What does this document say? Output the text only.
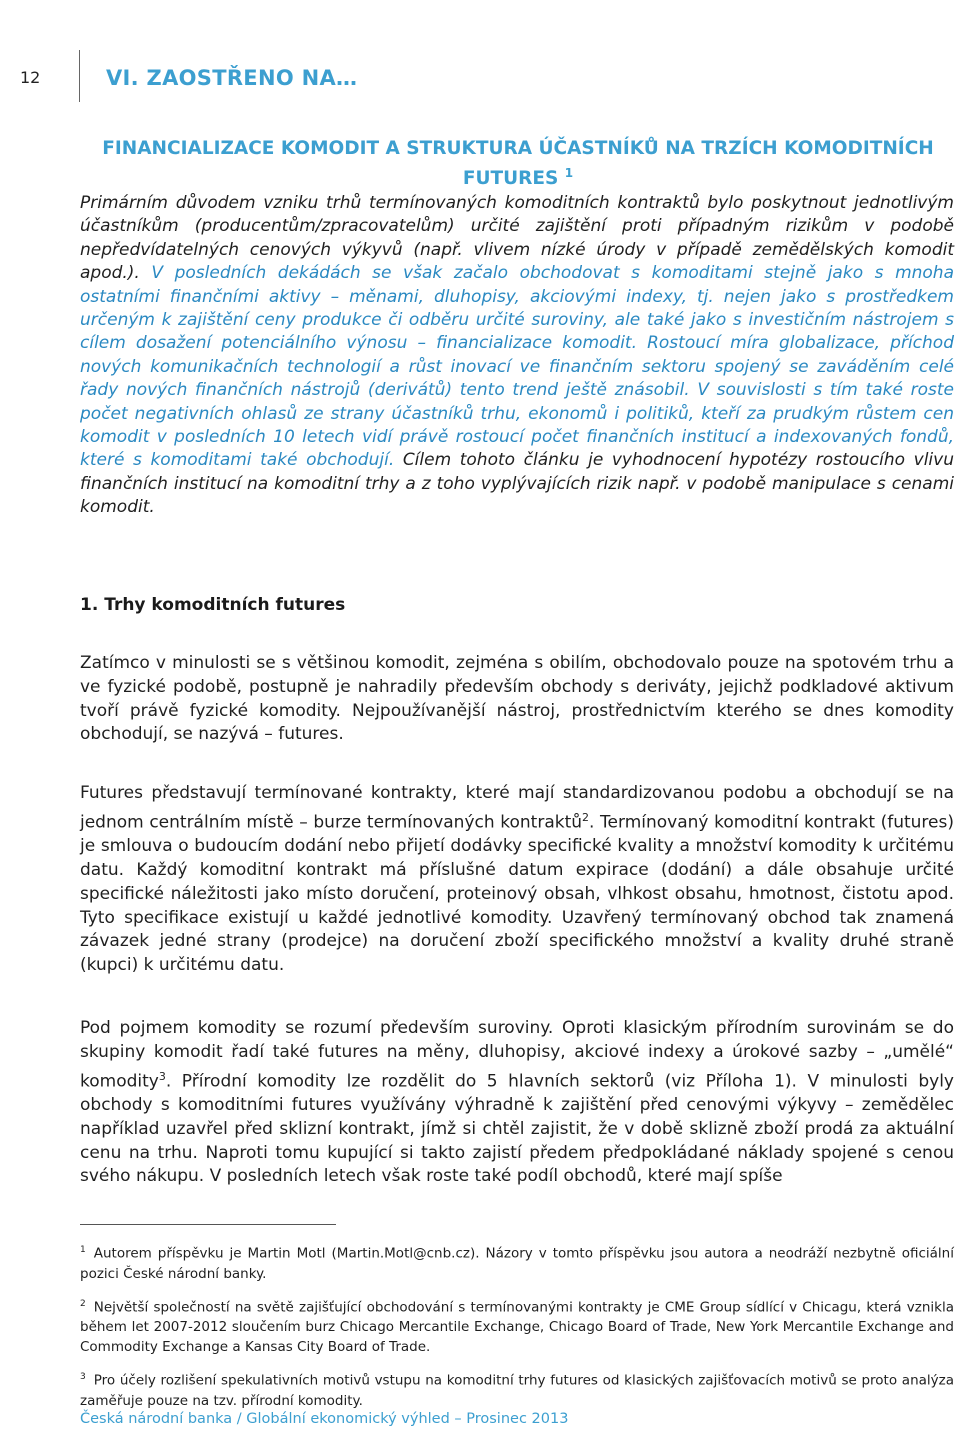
12	VI. ZAOSTŘENO NA…
FINANCIALIZACE KOMODIT A STRUKTURA ÚČASTNÍKŮ NA TRZÍCH KOMODITNÍCH FUTURES $^1$
Primárním důvodem vzniku trhů termínovaných komoditních kontraktů bylo poskytnout jednotlivým účastníkům (producentům/zpracovatelům) určité zajištění proti případným rizikům v podobě nepředvídatelných cenových výkyvů (např. vlivem nízké úrody v případě zemědělských komodit apod.). V posledních dekádách se však začalo obchodovat s komoditami stejně jako s mnoha ostatními finančními aktivy – měnami, dluhopisy, akciovými indexy, tj. nejen jako s prostředkem určeným k zajištění ceny produkce či odběru určité suroviny, ale také jako s investičním nástrojem s cílem dosažení potenciálního výnosu – financializace komodit. Rostoucí míra globalizace, příchod nových komunikačních technologií a růst inovací ve finančním sektoru spojený se zaváděním celé řady nových finančních nástrojů (derivátů) tento trend ještě znásobil. V souvislosti s tím také roste počet negativních ohlasů ze strany účastníků trhu, ekonomů i politiků, kteří za prudkým růstem cen komodit v posledních 10 letech vidí právě rostoucí počet finančních institucí a indexovaných fondů, které s komoditami také obchodují. Cílem tohoto článku je vyhodnocení hypotézy rostoucího vlivu finančních institucí na komoditní trhy a z toho vyplývajících rizik např. v podobě manipulace s cenami komodit.
1. Trhy komoditních futures
Zatímco v minulosti se s většinou komodit, zejména s obilím, obchodovalo pouze na spotovém trhu a ve fyzické podobě, postupně je nahradily především obchody s deriváty, jejichž podkladové aktivum tvoří právě fyzické komodity. Nejpoužívanější nástroj, prostřednictvím kterého se dnes komodity obchodují, se nazývá – futures.
Futures představují termínované kontrakty, které mají standardizovanou podobu a obchodují se na jednom centrálním místě – burze termínovaných kontraktů$^2$. Termínovaný komoditní kontrakt (futures) je smlouva o budoucím dodání nebo přijetí dodávky specifické kvality a množství komodity k určitému datu. Každý komoditní kontrakt má příslušné datum expirace (dodání) a dále obsahuje určité specifické náležitosti jako místo doručení, proteinový obsah, vlhkost obsahu, hmotnost, čistotu apod. Tyto specifikace existují u každé jednotlivé komodity. Uzavřený termínovaný obchod tak znamená závazek jedné strany (prodejce) na doručení zboží specifického množství a kvality druhé straně (kupci) k určitému datu.
Pod pojmem komodity se rozumí především suroviny. Oproti klasickým přírodním surovinám se do skupiny komodit řadí také futures na měny, dluhopisy, akciové indexy a úrokové sazby – „umělé“ komodity$^3$. Přírodní komodity lze rozdělit do 5 hlavních sektorů (viz Příloha 1). V minulosti byly obchody s komoditními futures využívány výhradně k zajištění před cenovými výkyvy – zemědělec například uzavřel před sklizní kontrakt, jímž si chtěl zajistit, že v době sklizně zboží prodá za aktuální cenu na trhu. Naproti tomu kupující si takto zajistí předem předpokládané náklady spojené s cenou svého nákupu. V posledních letech však roste také podíl obchodů, které mají spíše
$^1$ Autorem příspěvku je Martin Motl (Martin.Motl@cnb.cz). Názory v tomto příspěvku jsou autora a neodráží nezbytně oficiální pozici České národní banky.
$^2$ Největší společností na světě zajišťující obchodování s termínovanými kontrakty je CME Group sídlící v Chicagu, která vznikla během let 2007-2012 sloučením burz Chicago Mercantile Exchange, Chicago Board of Trade, New York Mercantile Exchange and Commodity Exchange a Kansas City Board of Trade.
$^3$ Pro účely rozlišení spekulativních motivů vstupu na komoditní trhy futures od klasických zajišťovacích motivů se proto analýza zaměřuje pouze na tzv. přírodní komodity.
Česká národní banka / Globální ekonomický výhled – Prosinec 2013
